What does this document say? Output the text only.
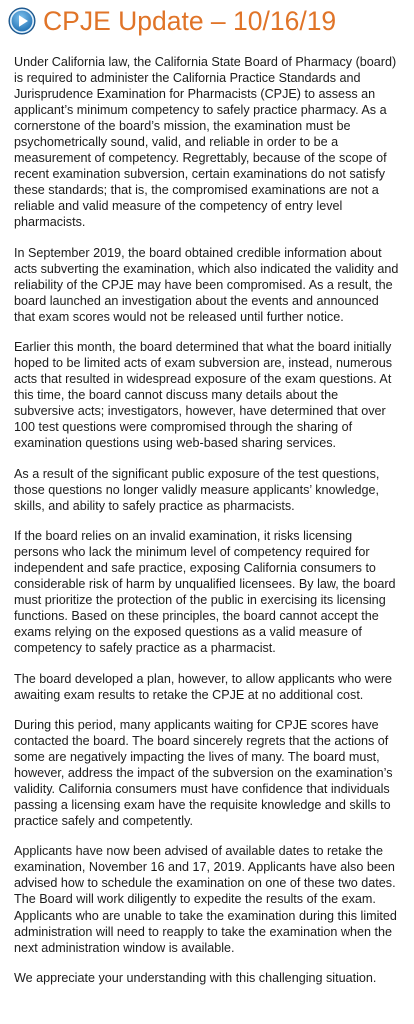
CPJE Update – 10/16/19

Under California law, the California State Board of Pharmacy (board) is required to administer the California Practice Standards and Jurisprudence Examination for Pharmacists (CPJE) to assess an applicant’s minimum competency to safely practice pharmacy. As a cornerstone of the board’s mission, the examination must be psychometrically sound, valid, and reliable in order to be a measurement of competency. Regrettably, because of the scope of recent examination subversion, certain examinations do not satisfy these standards; that is, the compromised examinations are not a reliable and valid measure of the competency of entry level pharmacists.

In September 2019, the board obtained credible information about acts subverting the examination, which also indicated the validity and reliability of the CPJE may have been compromised. As a result, the board launched an investigation about the events and announced that exam scores would not be released until further notice.

Earlier this month, the board determined that what the board initially hoped to be limited acts of exam subversion are, instead, numerous acts that resulted in widespread exposure of the exam questions. At this time, the board cannot discuss many details about the subversive acts; investigators, however, have determined that over 100 test questions were compromised through the sharing of examination questions using web-based sharing services.

As a result of the significant public exposure of the test questions, those questions no longer validly measure applicants’ knowledge, skills, and ability to safely practice as pharmacists.

If the board relies on an invalid examination, it risks licensing persons who lack the minimum level of competency required for independent and safe practice, exposing California consumers to considerable risk of harm by unqualified licensees. By law, the board must prioritize the protection of the public in exercising its licensing functions. Based on these principles, the board cannot accept the exams relying on the exposed questions as a valid measure of competency to safely practice as a pharmacist.

The board developed a plan, however, to allow applicants who were awaiting exam results to retake the CPJE at no additional cost.

During this period, many applicants waiting for CPJE scores have contacted the board. The board sincerely regrets that the actions of some are negatively impacting the lives of many. The board must, however, address the impact of the subversion on the examination’s validity. California consumers must have confidence that individuals passing a licensing exam have the requisite knowledge and skills to practice safely and competently.

Applicants have now been advised of available dates to retake the examination, November 16 and 17, 2019. Applicants have also been advised how to schedule the examination on one of these two dates. The Board will work diligently to expedite the results of the exam. Applicants who are unable to take the examination during this limited administration will need to reapply to take the examination when the next administration window is available.

We appreciate your understanding with this challenging situation.
